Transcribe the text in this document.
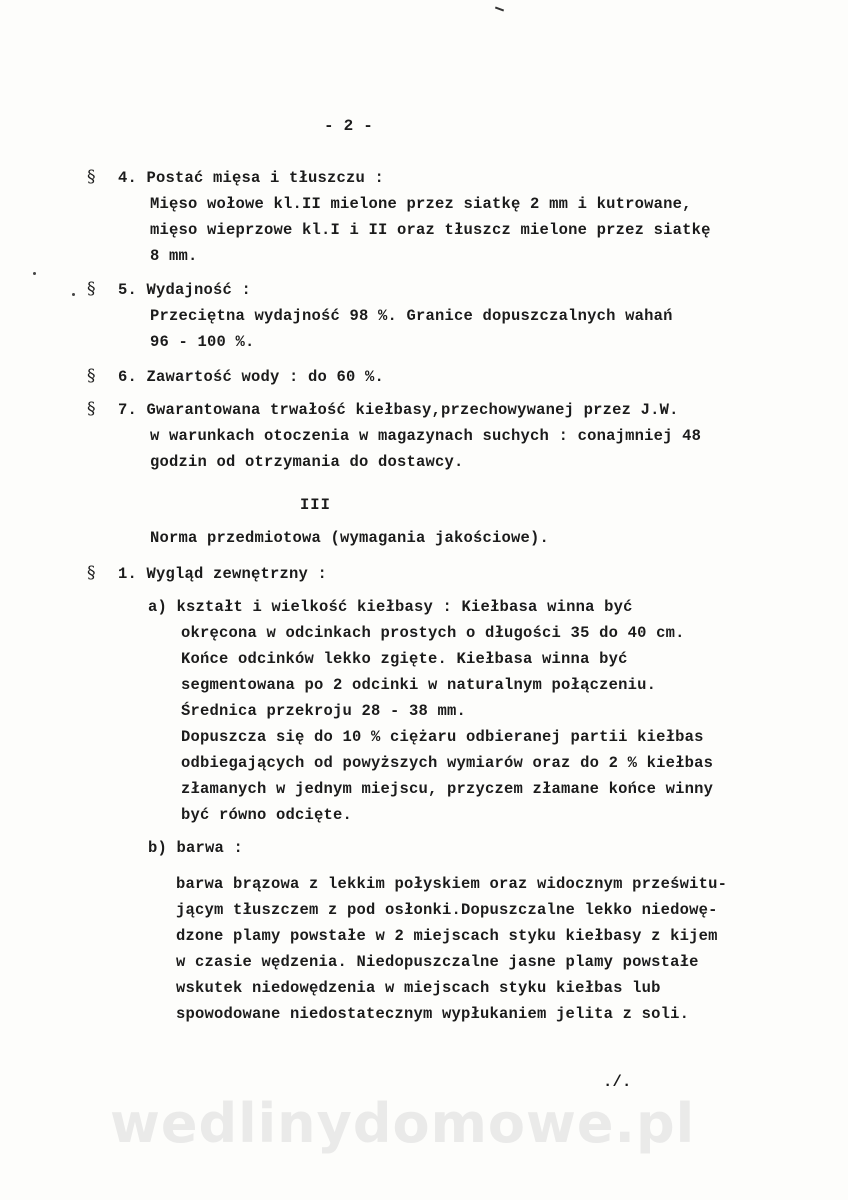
- 2 -
§ 4. Postać mięsa i tłuszczu :
Mięso wołowe kl.II mielone przez siatkę 2 mm i kutrowane,
mięso wieprzowe kl.I i II oraz tłuszcz mielone przez siatkę
8 mm.
§ 5. Wydajność :
Przeciętna wydajność 98 %. Granice dopuszczalnych wahań
96 - 100 %.
§ 6. Zawartość wody : do 60 %.
§ 7. Gwarantowana trwałość kiełbasy,przechowywanej przez J.W.
w warunkach otoczenia w magazynach suchych : conajmniej 48
godzin od otrzymania do dostawcy.
III
Norma przedmiotowa (wymagania jakościowe).
§ 1. Wygląd zewnętrzny :
a) kształt i wielkość kiełbasy : Kiełbasa winna być
okręcona w odcinkach prostych o długości 35 do 40 cm.
Końce odcinków lekko zgięte. Kiełbasa winna być
segmentowana po 2 odcinki w naturalnym połączeniu.
Średnica przekroju 28 - 38 mm.
Dopuszcza się do 10 % ciężaru odbieranej partii kiełbas
odbiegających od powyższych wymiarów oraz do 2 % kiełbas
złamanych w jednym miejscu, przyczem złamane końce winny
być równo odcięte.
b) barwa :
barwa brązowa z lekkim połyskiem oraz widocznym prześwitu-
jącym tłuszczem z pod osłonki.Dopuszczalne lekko niedowę-
dzone plamy powstałe w 2 miejscach styku kiełbasy z kijem
w czasie wędzenia. Niedopuszczalne jasne plamy powstałe
wskutek niedowędzenia w miejscach styku kiełbas lub
spowodowane niedostatecznym wypłukaniem jelita z soli.
./.
wedlinydomowe.pl
